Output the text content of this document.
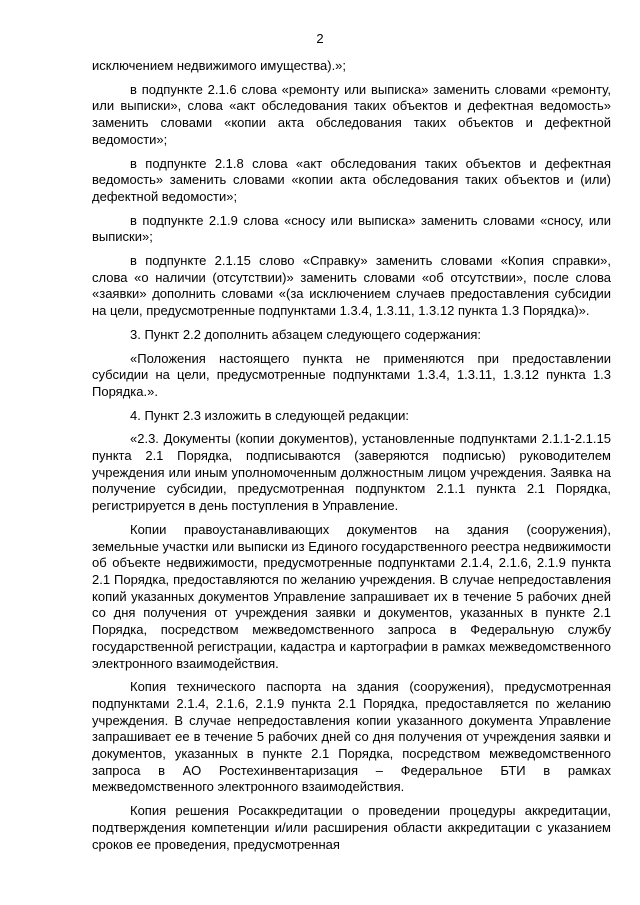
2

исключением недвижимого имущества).»;

в подпункте 2.1.6 слова «ремонту или выписка» заменить словами «ремонту, или выписки», слова «акт обследования таких объектов и дефектная ведомость» заменить словами «копии акта обследования таких объектов и дефектной ведомости»;

в подпункте 2.1.8 слова «акт обследования таких объектов и дефектная ведомость» заменить словами «копии акта обследования таких объектов и (или) дефектной ведомости»;

в подпункте 2.1.9 слова «сносу или выписка» заменить словами «сносу, или выписки»;

в подпункте 2.1.15 слово «Справку» заменить словами «Копия справки», слова «о наличии (отсутствии)» заменить словами «об отсутствии», после слова «заявки» дополнить словами «(за исключением случаев предоставления субсидии на цели, предусмотренные подпунктами 1.3.4, 1.3.11, 1.3.12 пункта 1.3 Порядка)».

3. Пункт 2.2 дополнить абзацем следующего содержания:

«Положения настоящего пункта не применяются при предоставлении субсидии на цели, предусмотренные подпунктами 1.3.4, 1.3.11, 1.3.12 пункта 1.3 Порядка.».

4. Пункт 2.3 изложить в следующей редакции:

«2.3. Документы (копии документов), установленные подпунктами 2.1.1-2.1.15 пункта 2.1 Порядка, подписываются (заверяются подписью) руководителем учреждения или иным уполномоченным должностным лицом учреждения. Заявка на получение субсидии, предусмотренная подпунктом 2.1.1 пункта 2.1 Порядка, регистрируется в день поступления в Управление.

Копии правоустанавливающих документов на здания (сооружения), земельные участки или выписки из Единого государственного реестра недвижимости об объекте недвижимости, предусмотренные подпунктами 2.1.4, 2.1.6, 2.1.9 пункта 2.1 Порядка, предоставляются по желанию учреждения. В случае непредоставления копий указанных документов Управление запрашивает их в течение 5 рабочих дней со дня получения от учреждения заявки и документов, указанных в пункте 2.1 Порядка, посредством межведомственного запроса в Федеральную службу государственной регистрации, кадастра и картографии в рамках межведомственного электронного взаимодействия.

Копия технического паспорта на здания (сооружения), предусмотренная подпунктами 2.1.4, 2.1.6, 2.1.9 пункта 2.1 Порядка, предоставляется по желанию учреждения. В случае непредоставления копии указанного документа Управление запрашивает ее в течение 5 рабочих дней со дня получения от учреждения заявки и документов, указанных в пункте 2.1 Порядка, посредством межведомственного запроса в АО Ростехинвентаризация – Федеральное БТИ в рамках межведомственного электронного взаимодействия.

Копия решения Росаккредитации о проведении процедуры аккредитации, подтверждения компетенции и/или расширения области аккредитации с указанием сроков ее проведения, предусмотренная
